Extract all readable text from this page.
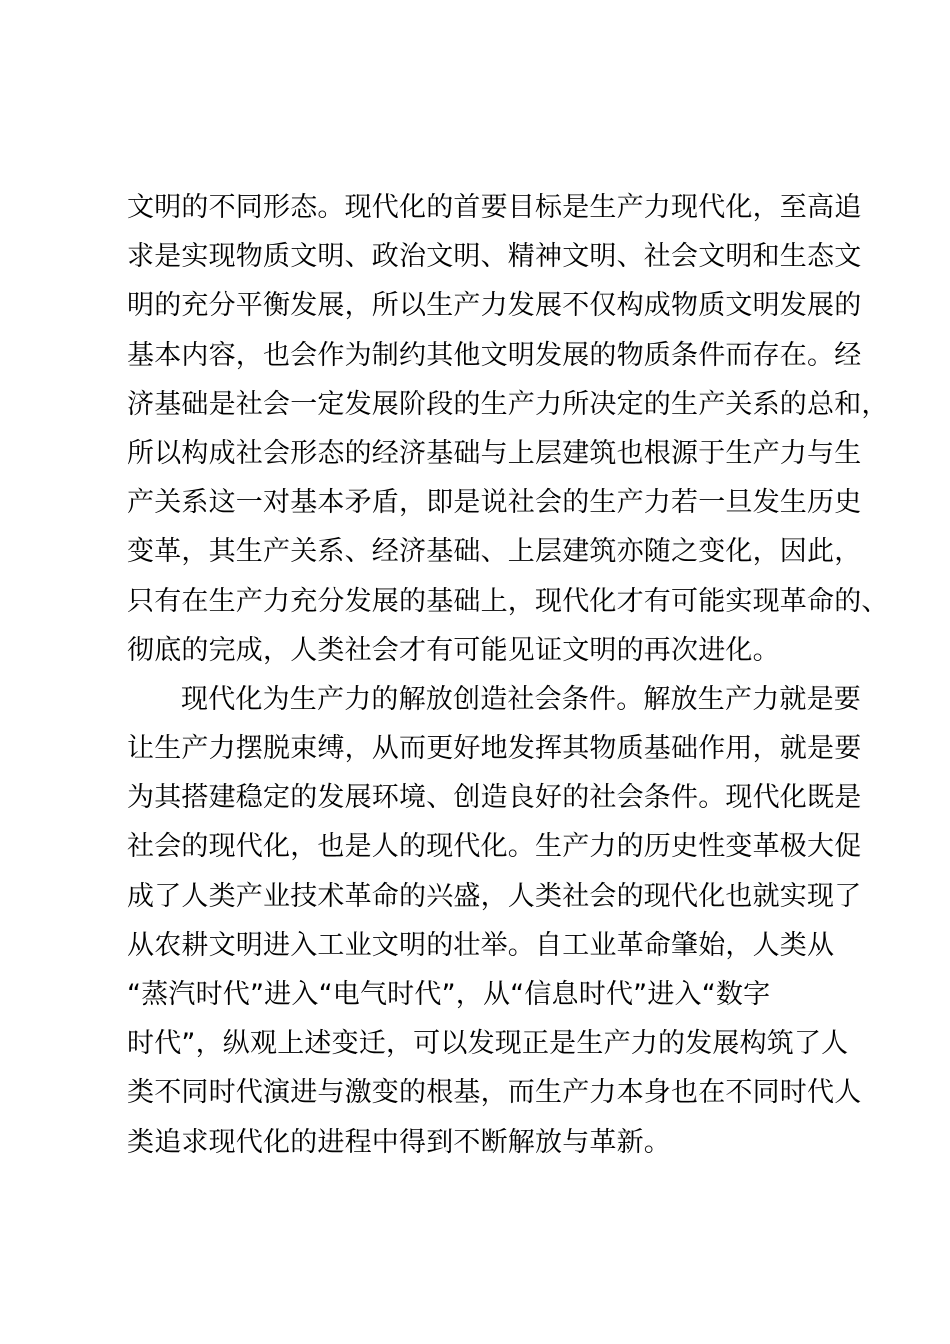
文明的不同形态。现代化的首要目标是生产力现代化，至高追
求是实现物质文明、政治文明、精神文明、社会文明和生态文
明的充分平衡发展，所以生产力发展不仅构成物质文明发展的
基本内容，也会作为制约其他文明发展的物质条件而存在。经
济基础是社会一定发展阶段的生产力所决定的生产关系的总和，
所以构成社会形态的经济基础与上层建筑也根源于生产力与生
产关系这一对基本矛盾，即是说社会的生产力若一旦发生历史
变革，其生产关系、经济基础、上层建筑亦随之变化，因此，
只有在生产力充分发展的基础上，现代化才有可能实现革命的、
彻底的完成，人类社会才有可能见证文明的再次进化。
现代化为生产力的解放创造社会条件。解放生产力就是要
让生产力摆脱束缚，从而更好地发挥其物质基础作用，就是要
为其搭建稳定的发展环境、创造良好的社会条件。现代化既是
社会的现代化，也是人的现代化。生产力的历史性变革极大促
成了人类产业技术革命的兴盛，人类社会的现代化也就实现了
从农耕文明进入工业文明的壮举。自工业革命肇始，人类从
“蒸汽时代”进入“电气时代”，从“信息时代”进入“数字
时代”，纵观上述变迁，可以发现正是生产力的发展构筑了人
类不同时代演进与激变的根基，而生产力本身也在不同时代人
类追求现代化的进程中得到不断解放与革新。
